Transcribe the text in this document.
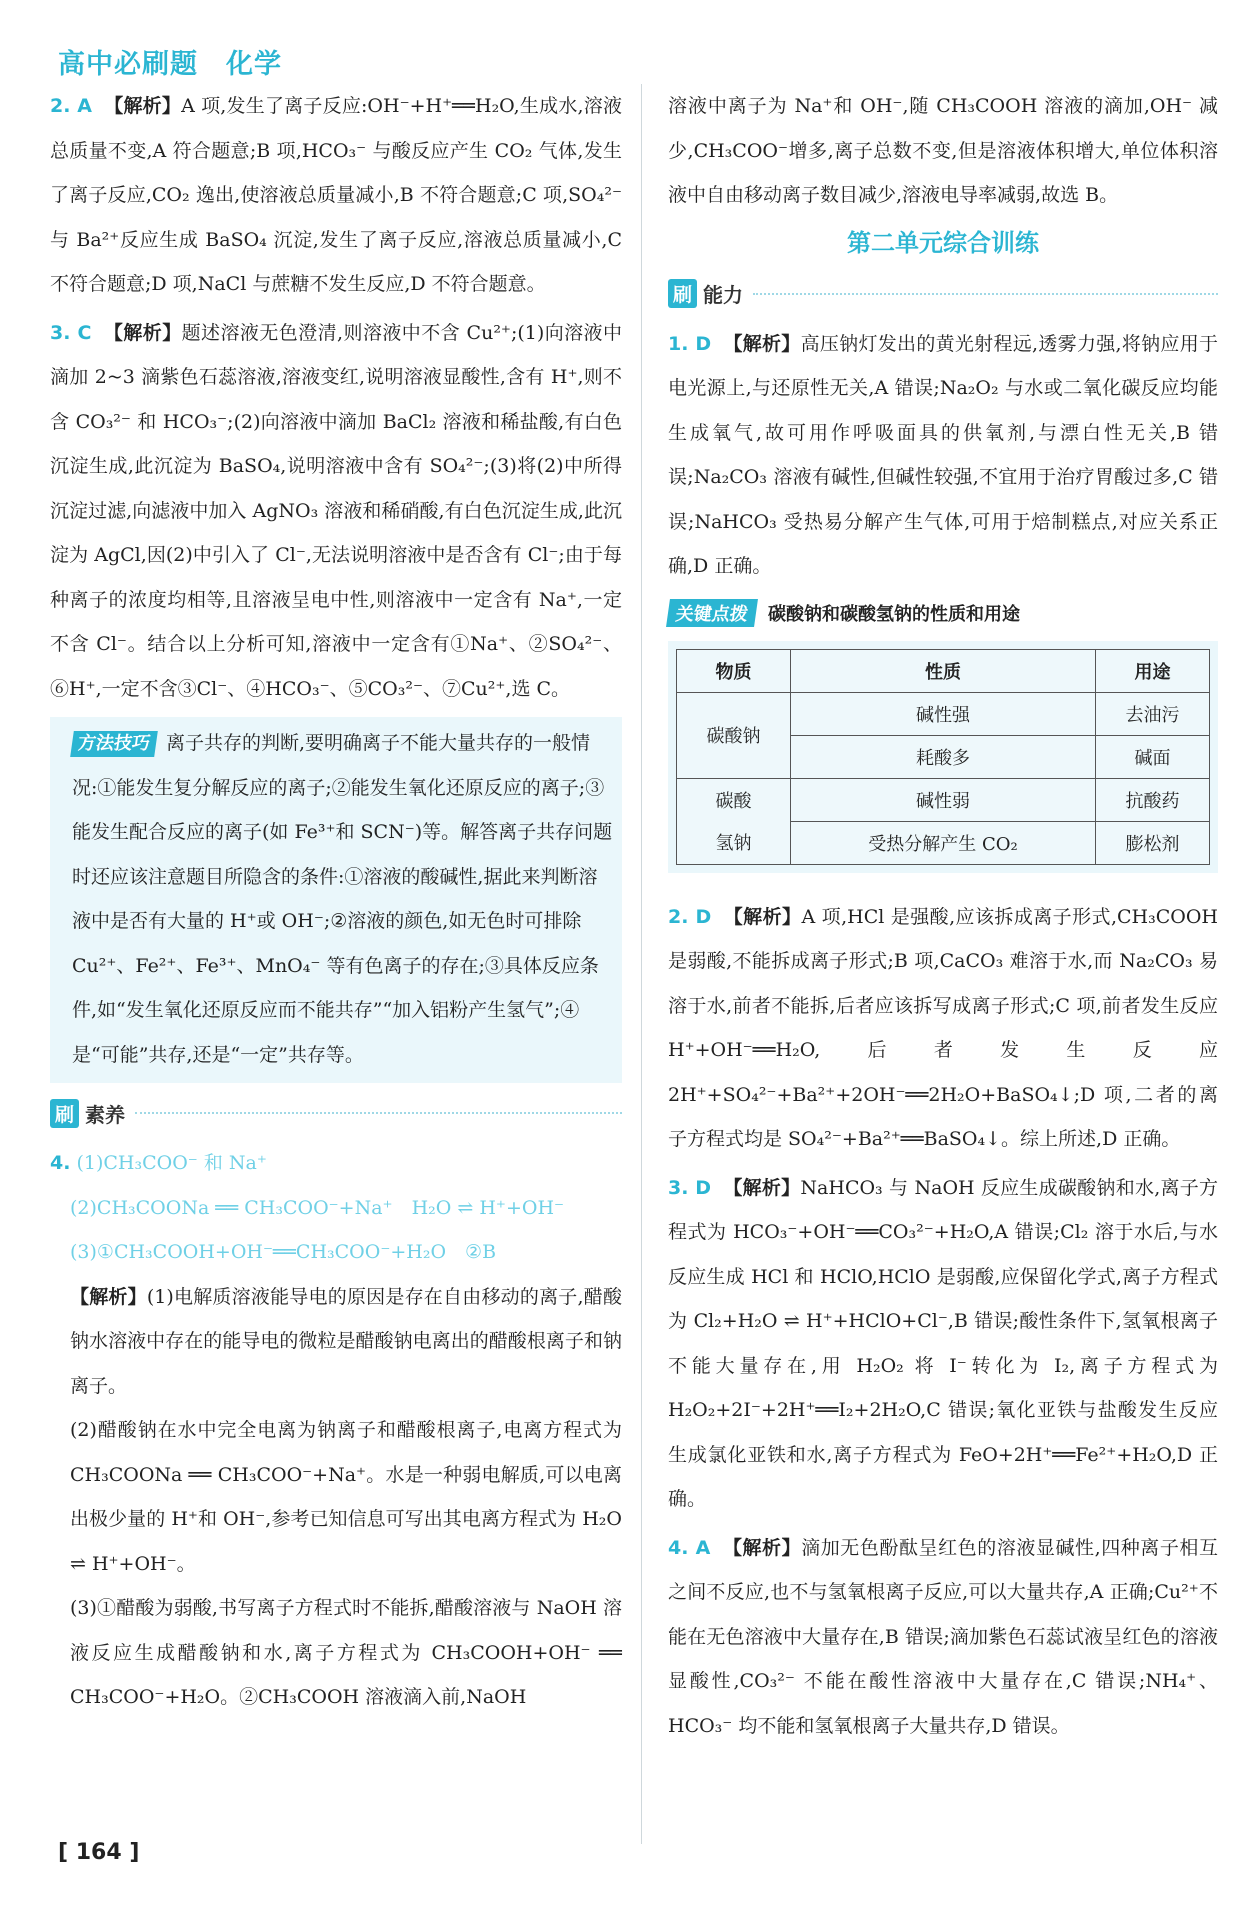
高中必刷题 化学

2. A 【解析】A 项,发生了离子反应:OH⁻+H⁺══H₂O,生成水,溶液总质量不变,A 符合题意;B 项,HCO₃⁻ 与酸反应产生 CO₂ 气体,发生了离子反应,CO₂ 逸出,使溶液总质量减小,B 不符合题意;C 项,SO₄²⁻ 与 Ba²⁺反应生成 BaSO₄ 沉淀,发生了离子反应,溶液总质量减小,C 不符合题意;D 项,NaCl 与蔗糖不发生反应,D 不符合题意。

3. C 【解析】题述溶液无色澄清,则溶液中不含 Cu²⁺;(1)向溶液中滴加 2~3 滴紫色石蕊溶液,溶液变红,说明溶液显酸性,含有 H⁺,则不含 CO₃²⁻ 和 HCO₃⁻;(2)向溶液中滴加 BaCl₂ 溶液和稀盐酸,有白色沉淀生成,此沉淀为 BaSO₄,说明溶液中含有 SO₄²⁻;(3)将(2)中所得沉淀过滤,向滤液中加入 AgNO₃ 溶液和稀硝酸,有白色沉淀生成,此沉淀为 AgCl,因(2)中引入了 Cl⁻,无法说明溶液中是否含有 Cl⁻;由于每种离子的浓度均相等,且溶液呈电中性,则溶液中一定含有 Na⁺,一定不含 Cl⁻。结合以上分析可知,溶液中一定含有①Na⁺、②SO₄²⁻、⑥H⁺,一定不含③Cl⁻、④HCO₃⁻、⑤CO₃²⁻、⑦Cu²⁺,选 C。

方法技巧 离子共存的判断,要明确离子不能大量共存的一般情况:①能发生复分解反应的离子;②能发生氧化还原反应的离子;③能发生配合反应的离子(如 Fe³⁺和 SCN⁻)等。解答离子共存问题时还应该注意题目所隐含的条件:①溶液的酸碱性,据此来判断溶液中是否有大量的 H⁺或 OH⁻;②溶液的颜色,如无色时可排除 Cu²⁺、Fe²⁺、Fe³⁺、MnO₄⁻ 等有色离子的存在;③具体反应条件,如“发生氧化还原反应而不能共存”“加入铝粉产生氢气”;④是“可能”共存,还是“一定”共存等。
刷 素养

4. (1)CH₃COO⁻ 和 Na⁺

(2)CH₃COONa ══ CH₃COO⁻+Na⁺　H₂O ⇌ H⁺+OH⁻

(3)①CH₃COOH+OH⁻══CH₃COO⁻+H₂O　②B

【解析】(1)电解质溶液能导电的原因是存在自由移动的离子,醋酸钠水溶液中存在的能导电的微粒是醋酸钠电离出的醋酸根离子和钠离子。

(2)醋酸钠在水中完全电离为钠离子和醋酸根离子,电离方程式为 CH₃COONa ══ CH₃COO⁻+Na⁺。水是一种弱电解质,可以电离出极少量的 H⁺和 OH⁻,参考已知信息可写出其电离方程式为 H₂O ⇌ H⁺+OH⁻。

(3)①醋酸为弱酸,书写离子方程式时不能拆,醋酸溶液与 NaOH 溶液反应生成醋酸钠和水,离子方程式为 CH₃COOH+OH⁻ ══ CH₃COO⁻+H₂O。②CH₃COOH 溶液滴入前,NaOH

溶液中离子为 Na⁺和 OH⁻,随 CH₃COOH 溶液的滴加,OH⁻ 减少,CH₃COO⁻增多,离子总数不变,但是溶液体积增大,单位体积溶液中自由移动离子数目减少,溶液电导率减弱,故选 B。

第二单元综合训练
刷 能力

1. D 【解析】高压钠灯发出的黄光射程远,透雾力强,将钠应用于电光源上,与还原性无关,A 错误;Na₂O₂ 与水或二氧化碳反应均能生成氧气,故可用作呼吸面具的供氧剂,与漂白性无关,B 错误;Na₂CO₃ 溶液有碱性,但碱性较强,不宜用于治疗胃酸过多,C 错误;NaHCO₃ 受热易分解产生气体,可用于焙制糕点,对应关系正确,D 正确。

关键点拨	碳酸钠和碳酸氢钠的性质和用途
物质	性质	用途
碳酸钠	碱性强	去油污
	耗酸多	碱面
碳酸	碱性弱	抗酸药
氢钠	受热分解产生 CO₂	膨松剂

2. D 【解析】A 项,HCl 是强酸,应该拆成离子形式,CH₃COOH 是弱酸,不能拆成离子形式;B 项,CaCO₃ 难溶于水,而 Na₂CO₃ 易溶于水,前者不能拆,后者应该拆写成离子形式;C 项,前者发生反应 H⁺+OH⁻══H₂O,后者发生反应 2H⁺+SO₄²⁻+Ba²⁺+2OH⁻══2H₂O+BaSO₄↓;D 项,二者的离子方程式均是 SO₄²⁻+Ba²⁺══BaSO₄↓。综上所述,D 正确。

3. D 【解析】NaHCO₃ 与 NaOH 反应生成碳酸钠和水,离子方程式为 HCO₃⁻+OH⁻══CO₃²⁻+H₂O,A 错误;Cl₂ 溶于水后,与水反应生成 HCl 和 HClO,HClO 是弱酸,应保留化学式,离子方程式为 Cl₂+H₂O ⇌ H⁺+HClO+Cl⁻,B 错误;酸性条件下,氢氧根离子不能大量存在,用 H₂O₂ 将 I⁻转化为 I₂,离子方程式为 H₂O₂+2I⁻+2H⁺══I₂+2H₂O,C 错误;氧化亚铁与盐酸发生反应生成氯化亚铁和水,离子方程式为 FeO+2H⁺══Fe²⁺+H₂O,D 正确。

4. A 【解析】滴加无色酚酞呈红色的溶液显碱性,四种离子相互之间不反应,也不与氢氧根离子反应,可以大量共存,A 正确;Cu²⁺不能在无色溶液中大量存在,B 错误;滴加紫色石蕊试液呈红色的溶液显酸性,CO₃²⁻ 不能在酸性溶液中大量存在,C 错误;NH₄⁺、HCO₃⁻ 均不能和氢氧根离子大量共存,D 错误。

[ 164 ]
